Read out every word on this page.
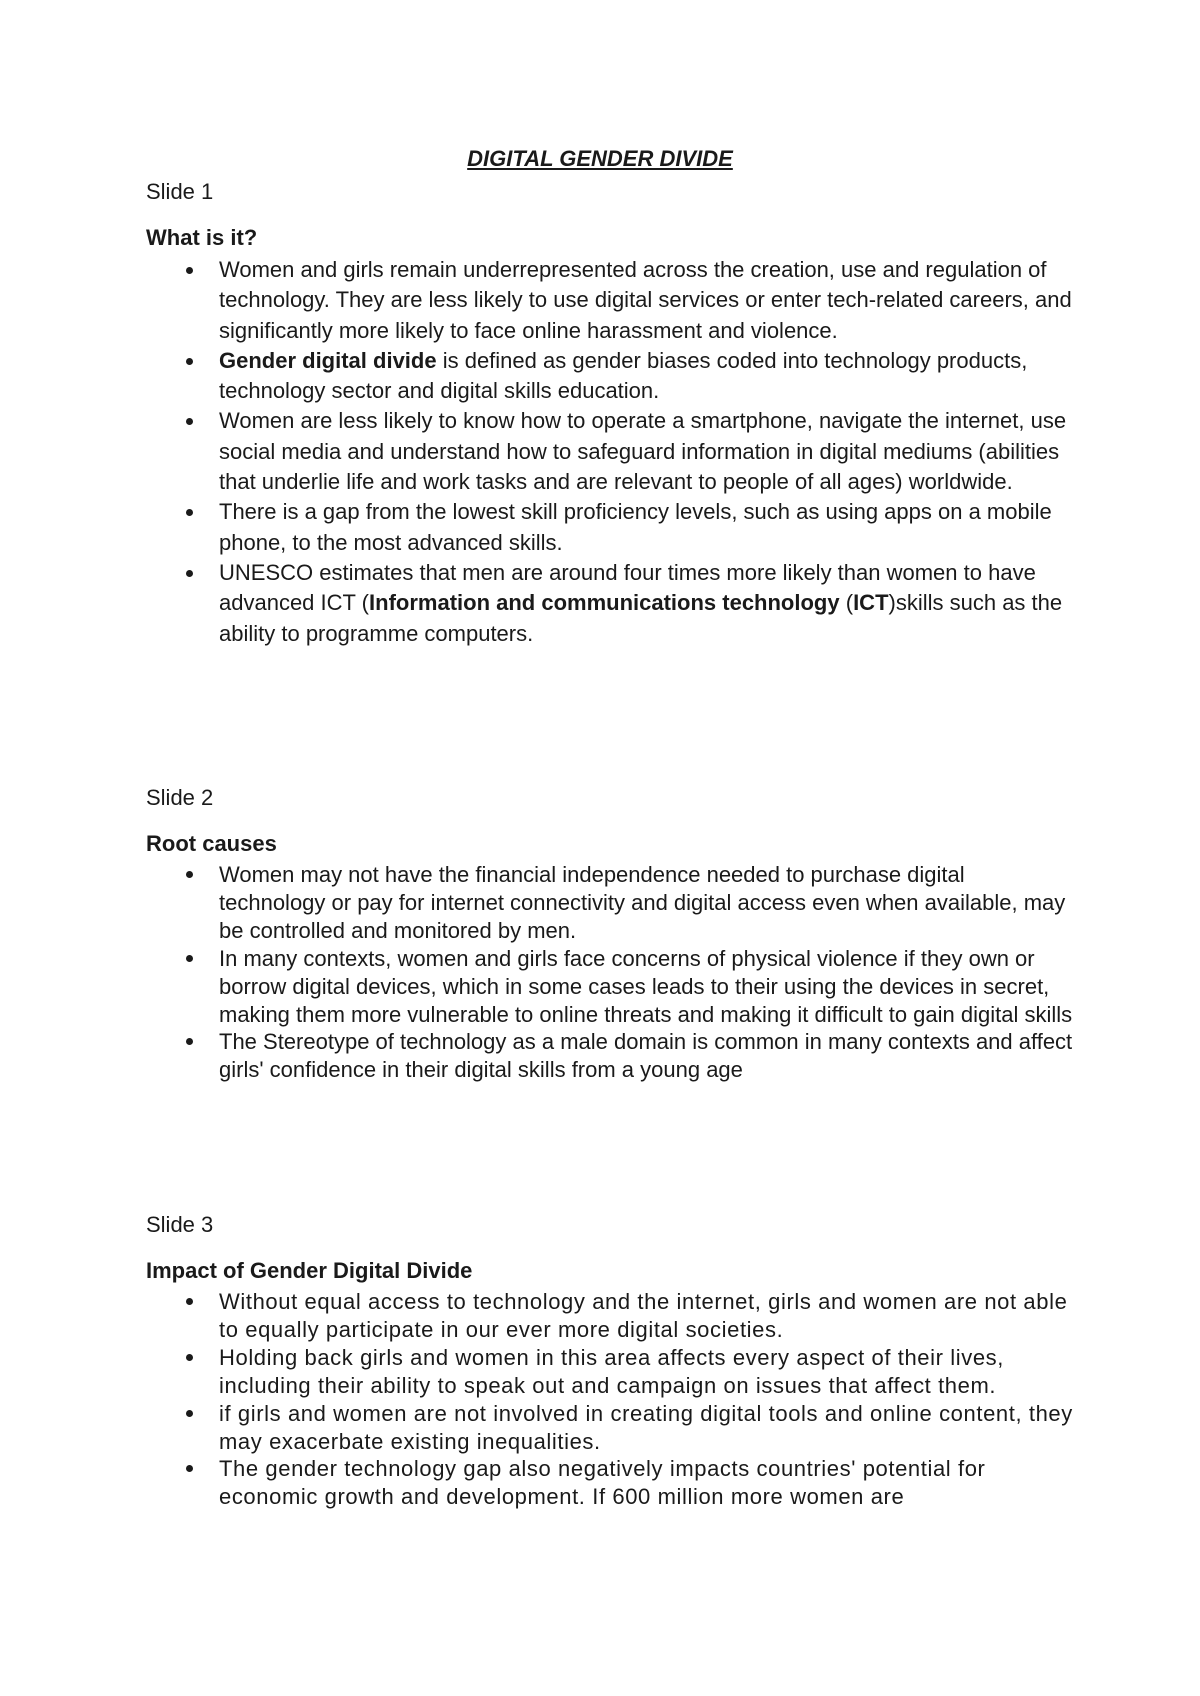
DIGITAL GENDER DIVIDE
Slide 1
What is it?
Women and girls remain underrepresented across the creation, use and regulation of technology. They are less likely to use digital services or enter tech-related careers, and significantly more likely to face online harassment and violence.
Gender digital divide is defined as gender biases coded into technology products, technology sector and digital skills education.
Women are less likely to know how to operate a smartphone, navigate the internet, use social media and understand how to safeguard information in digital mediums (abilities that underlie life and work tasks and are relevant to people of all ages) worldwide.
There is a gap from the lowest skill proficiency levels, such as using apps on a mobile phone, to the most advanced skills.
UNESCO estimates that men are around four times more likely than women to have advanced ICT (Information and communications technology (ICT)skills such as the ability to programme computers.
Slide 2
Root causes
Women may not have the financial independence needed to purchase digital technology or pay for internet connectivity and digital access even when available, may be controlled and monitored by men.
In many contexts, women and girls face concerns of physical violence if they own or borrow digital devices, which in some cases leads to their using the devices in secret, making them more vulnerable to online threats and making it difficult to gain digital skills
The Stereotype of technology as a male domain is common in many contexts and affect girls' confidence in their digital skills from a young age
Slide 3
Impact of Gender Digital Divide
Without equal access to technology and the internet, girls and women are not able to equally participate in our ever more digital societies.
Holding back girls and women in this area affects every aspect of their lives, including their ability to speak out and campaign on issues that affect them.
if girls and women are not involved in creating digital tools and online content, they may exacerbate existing inequalities.
The gender technology gap also negatively impacts countries' potential for economic growth and development. If 600 million more women are
